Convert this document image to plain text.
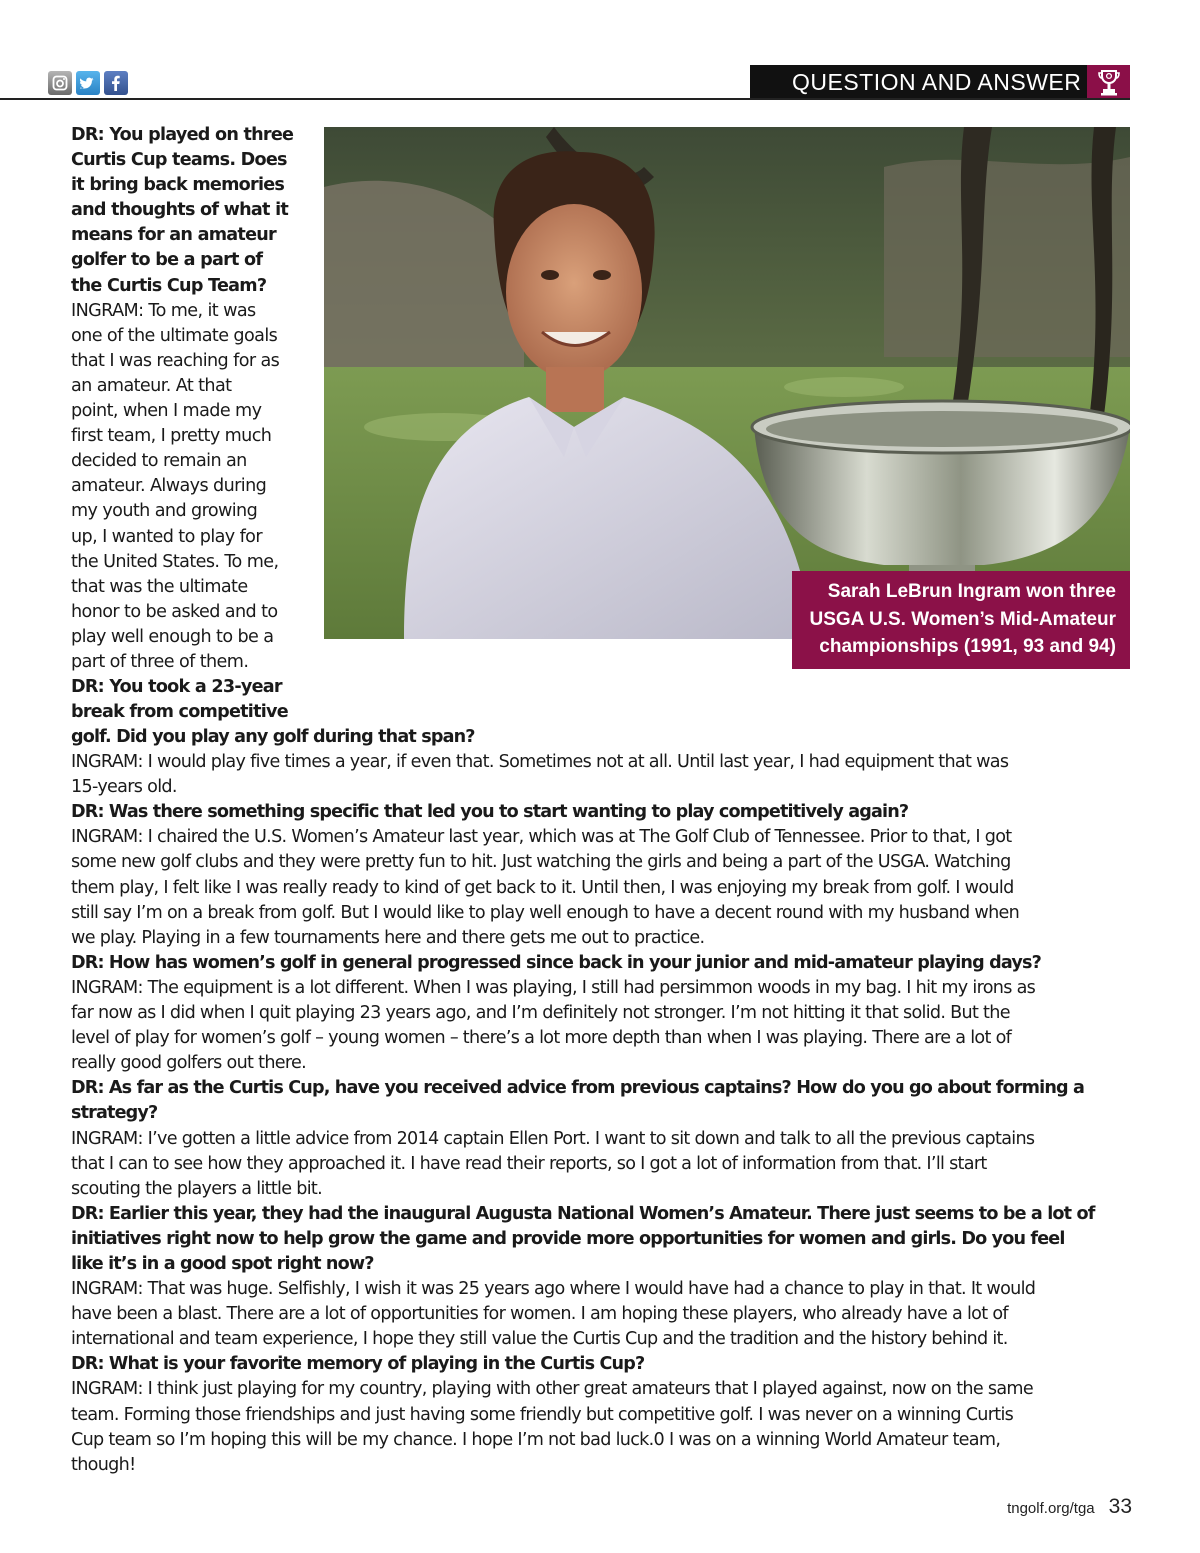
QUESTION AND ANSWER
Sarah LeBrun Ingram won three
USGA U.S. Women’s Mid-Amateur
championships (1991, 93 and 94)
DR: You played on three
Curtis Cup teams. Does
it bring back memories
and thoughts of what it
means for an amateur
golfer to be a part of
the Curtis Cup Team?
INGRAM: To me, it was
one of the ultimate goals
that I was reaching for as
an amateur. At that
point, when I made my
first team, I pretty much
decided to remain an
amateur. Always during
my youth and growing
up, I wanted to play for
the United States. To me,
that was the ultimate
honor to be asked and to
play well enough to be a
part of three of them.
DR: You took a 23-year
break from competitive
golf. Did you play any golf during that span?
INGRAM: I would play five times a year, if even that. Sometimes not at all. Until last year, I had equipment that was
15-years old.
DR: Was there something specific that led you to start wanting to play competitively again?
INGRAM: I chaired the U.S. Women’s Amateur last year, which was at The Golf Club of Tennessee. Prior to that, I got
some new golf clubs and they were pretty fun to hit. Just watching the girls and being a part of the USGA. Watching
them play, I felt like I was really ready to kind of get back to it. Until then, I was enjoying my break from golf. I would
still say I’m on a break from golf. But I would like to play well enough to have a decent round with my husband when
we play. Playing in a few tournaments here and there gets me out to practice.
DR: How has women’s golf in general progressed since back in your junior and mid-amateur playing days?
INGRAM: The equipment is a lot different. When I was playing, I still had persimmon woods in my bag. I hit my irons as
far now as I did when I quit playing 23 years ago, and I’m definitely not stronger. I’m not hitting it that solid. But the
level of play for women’s golf – young women – there’s a lot more depth than when I was playing. There are a lot of
really good golfers out there.
DR: As far as the Curtis Cup, have you received advice from previous captains? How do you go about forming a
strategy?
INGRAM: I’ve gotten a little advice from 2014 captain Ellen Port. I want to sit down and talk to all the previous captains
that I can to see how they approached it. I have read their reports, so I got a lot of information from that. I’ll start
scouting the players a little bit.
DR: Earlier this year, they had the inaugural Augusta National Women’s Amateur. There just seems to be a lot of
initiatives right now to help grow the game and provide more opportunities for women and girls. Do you feel
like it’s in a good spot right now?
INGRAM: That was huge. Selfishly, I wish it was 25 years ago where I would have had a chance to play in that. It would
have been a blast. There are a lot of opportunities for women. I am hoping these players, who already have a lot of
international and team experience, I hope they still value the Curtis Cup and the tradition and the history behind it.
DR: What is your favorite memory of playing in the Curtis Cup?
INGRAM: I think just playing for my country, playing with other great amateurs that I played against, now on the same
team. Forming those friendships and just having some friendly but competitive golf. I was never on a winning Curtis
Cup team so I’m hoping this will be my chance. I hope I’m not bad luck.0 I was on a winning World Amateur team,
though!
tngolf.org/tga 33
